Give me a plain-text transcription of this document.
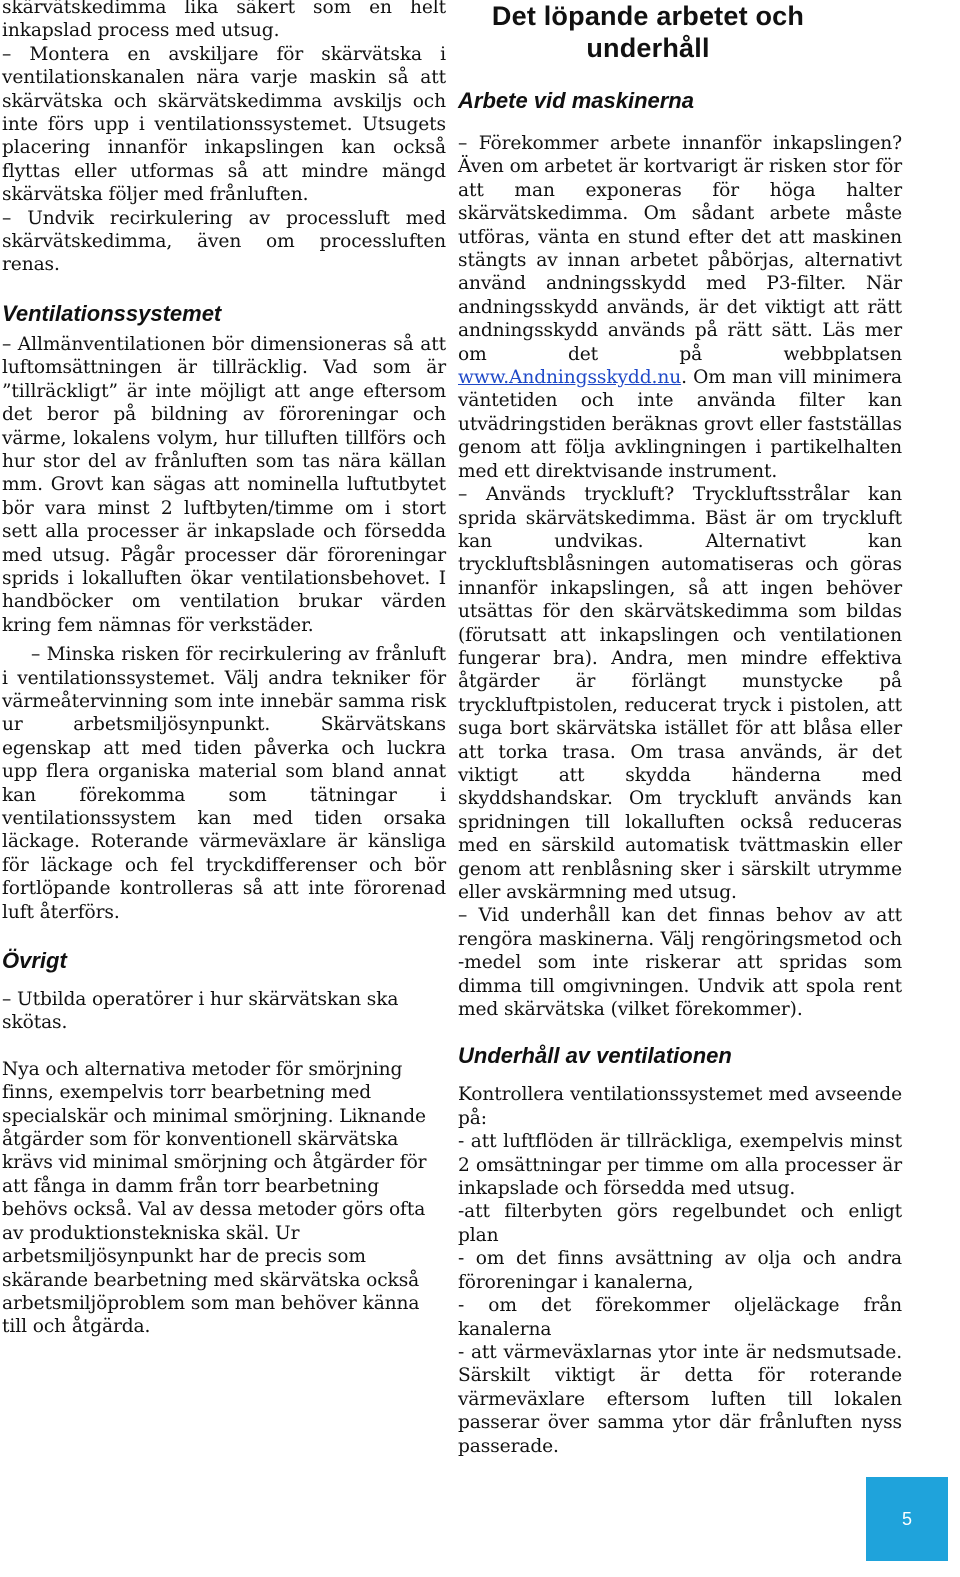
skärvätskedimma lika säkert som en helt inkapslad process med utsug.

– Montera en avskiljare för skärvätska i ventilationskanalen nära varje maskin så att skärvätska och skärvätskedimma avskiljs och inte förs upp i ventilationssystemet. Utsugets placering innanför inkapslingen kan också flyttas eller utformas så att mindre mängd skärvätska följer med frånluften.

– Undvik recirkulering av processluft med skärvätskedimma, även om processluften renas.

Ventilationssystemet

– Allmänventilationen bör dimensioneras så att luftomsättningen är tillräcklig. Vad som är ”tillräckligt” är inte möjligt att ange eftersom det beror på bildning av föroreningar och värme, lokalens volym, hur tilluften tillförs och hur stor del av frånluften som tas nära källan mm. Grovt kan sägas att nominella luftutbytet bör vara minst 2 luftbyten/timme om i stort sett alla processer är inkapslade och försedda med utsug. Pågår processer där föroreningar sprids i lokalluften ökar ventilationsbehovet. I handböcker om ventilation brukar värden kring fem nämnas för verkstäder.

– Minska risken för recirkulering av frånluft i ventilationssystemet. Välj andra tekniker för värmeåtervinning som inte innebär samma risk ur arbetsmiljösynpunkt. Skärvätskans egenskap att med tiden påverka och luckra upp flera organiska material som bland annat kan förekomma som tätningar i ventilationssystem kan med tiden orsaka läckage. Roterande värmeväxlare är känsliga för läckage och fel tryckdifferenser och bör fortlöpande kontrolleras så att inte förorenad luft återförs.

Övrigt

– Utbilda operatörer i hur skärvätskan ska skötas.

Nya och alternativa metoder för smörjning finns, exempelvis torr bearbetning med specialskär och minimal smörjning. Liknande åtgärder som för konventionell skärvätska krävs vid minimal smörjning och åtgärder för att fånga in damm från torr bearbetning behövs också. Val av dessa metoder görs ofta av produktionstekniska skäl. Ur arbetsmiljösynpunkt har de precis som skärande bearbetning med skärvätska också arbetsmiljöproblem som man behöver känna till och åtgärda.

Det löpande arbetet och underhåll
Arbete vid maskinerna

– Förekommer arbete innanför inkapslingen? Även om arbetet är kortvarigt är risken stor för att man exponeras för höga halter skärvätskedimma. Om sådant arbete måste utföras, vänta en stund efter det att maskinen stängts av innan arbetet påbörjas, alternativt använd andningsskydd med P3-filter. När andningsskydd används, är det viktigt att rätt andningsskydd används på rätt sätt. Läs mer om det på webbplatsen www.Andningsskydd.nu. Om man vill minimera väntetiden och inte använda filter kan utvädringstiden beräknas grovt eller fastställas genom att följa avklingningen i partikelhalten med ett direktvisande instrument.

– Används tryckluft? Tryckluftsstrålar kan sprida skärvätskedimma. Bäst är om tryckluft kan undvikas. Alternativt kan tryckluftsblåsningen automatiseras och göras innanför inkapslingen, så att ingen behöver utsättas för den skärvätskedimma som bildas (förutsatt att inkapslingen och ventilationen fungerar bra). Andra, men mindre effektiva åtgärder är förlängt munstycke på tryckluftpistolen, reducerat tryck i pistolen, att suga bort skärvätska istället för att blåsa eller att torka trasa. Om trasa används, är det viktigt att skydda händerna med skyddshandskar. Om tryckluft används kan spridningen till lokalluften också reduceras med en särskild automatisk tvättmaskin eller genom att renblåsning sker i särskilt utrymme eller avskärmning med utsug.

– Vid underhåll kan det finnas behov av att rengöra maskinerna. Välj rengöringsmetod och -medel som inte riskerar att spridas som dimma till omgivningen. Undvik att spola rent med skärvätska (vilket förekommer).

Underhåll av ventilationen

Kontrollera ventilationssystemet med avseende på:

- att luftflöden är tillräckliga, exempelvis minst 2 omsättningar per timme om alla processer är inkapslade och försedda med utsug.

-att filterbyten görs regelbundet och enligt plan

- om det finns avsättning av olja och andra föroreningar i kanalerna,

- om det förekommer oljeläckage från kanalerna

- att värmeväxlarnas ytor inte är nedsmutsade. Särskilt viktigt är detta för roterande värmeväxlare eftersom luften till lokalen passerar över samma ytor där frånluften nyss passerade.

5
